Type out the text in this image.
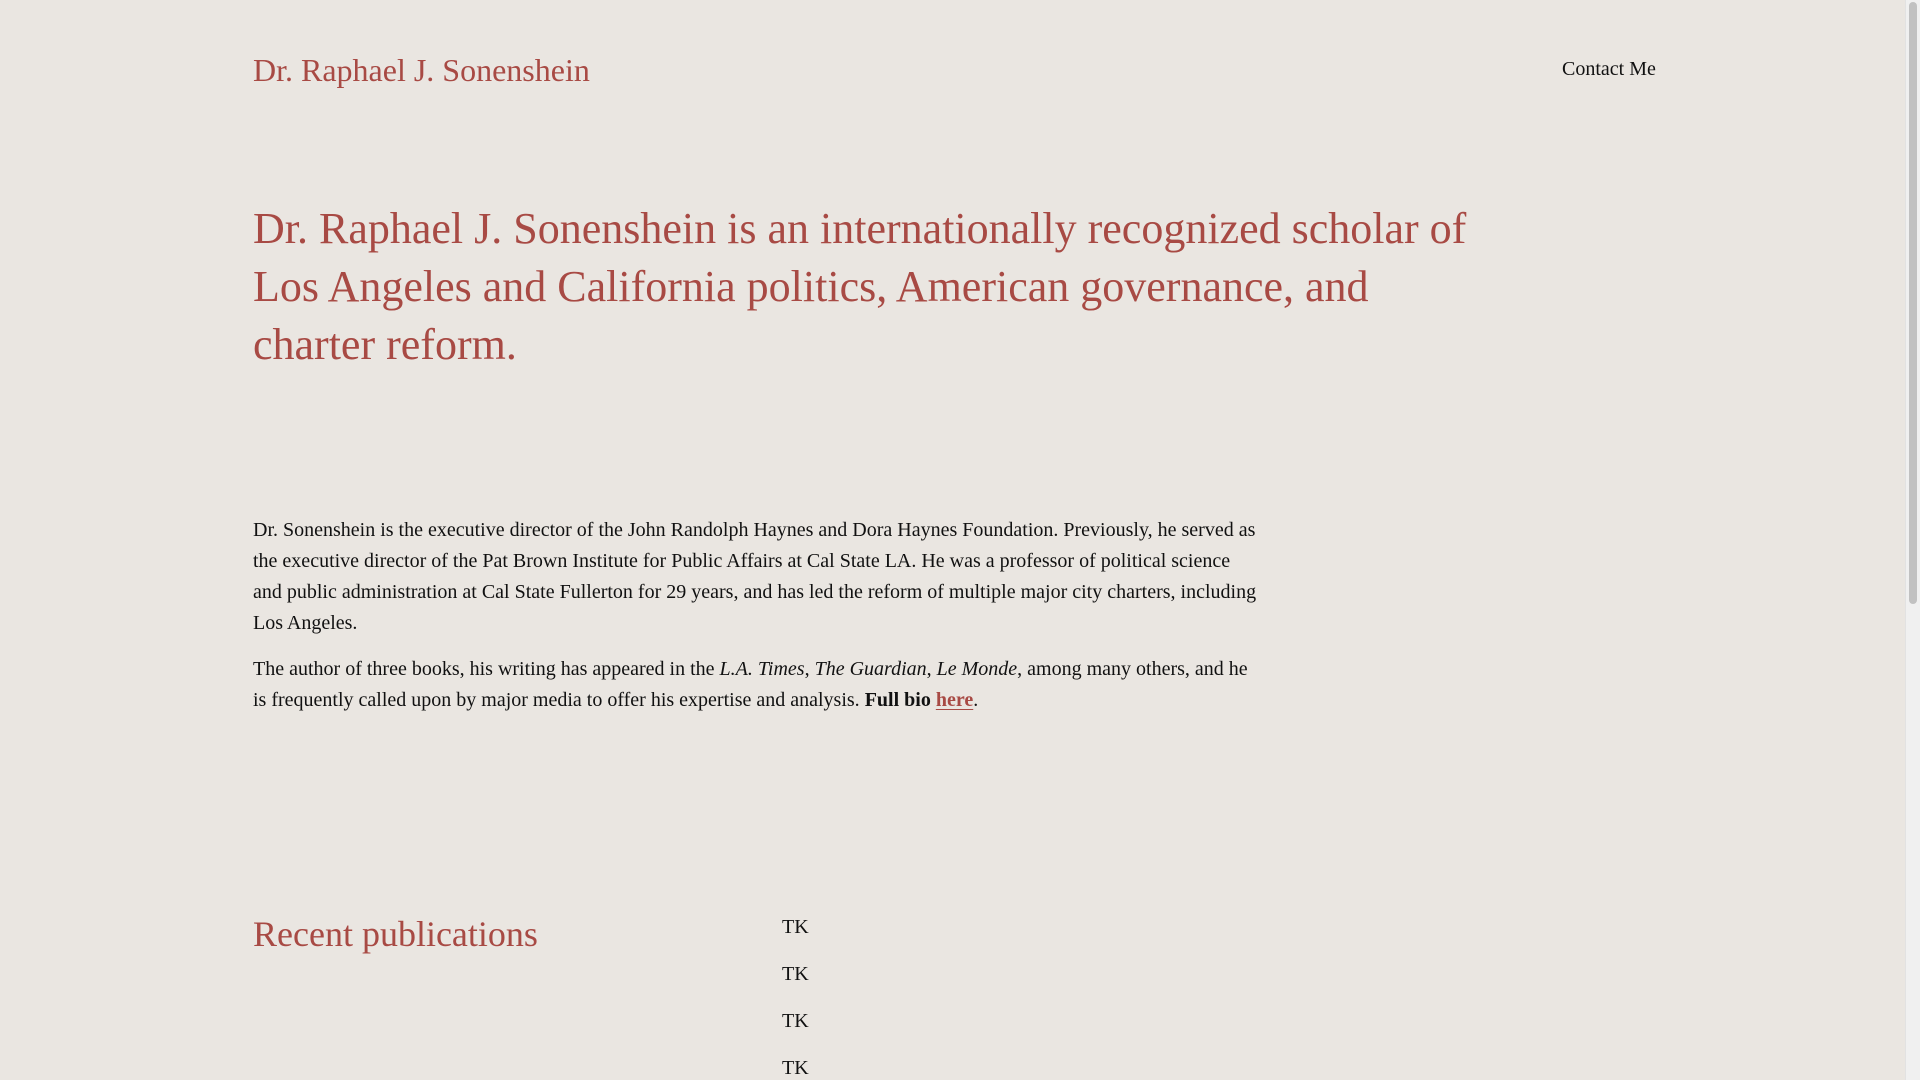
Dr. Raphael J. Sonenshein	Contact Me
Dr. Raphael J. Sonenshein is an internationally recognized scholar of Los Angeles and California politics, American governance, and charter reform.

Dr. Sonenshein is the executive director of the John Randolph Haynes and Dora Haynes Foundation. Previously, he served as the executive director of the Pat Brown Institute for Public Affairs at Cal State LA. He was a professor of political science and public administration at Cal State Fullerton for 29 years, and has led the reform of multiple major city charters, including Los Angeles.

The author of three books, his writing has appeared in the L.A. Times, The Guardian, Le Monde, among many others, and he is frequently called upon by major media to offer his expertise and analysis. Full bio here.

Recent publications	TK
TK
TK
TK
